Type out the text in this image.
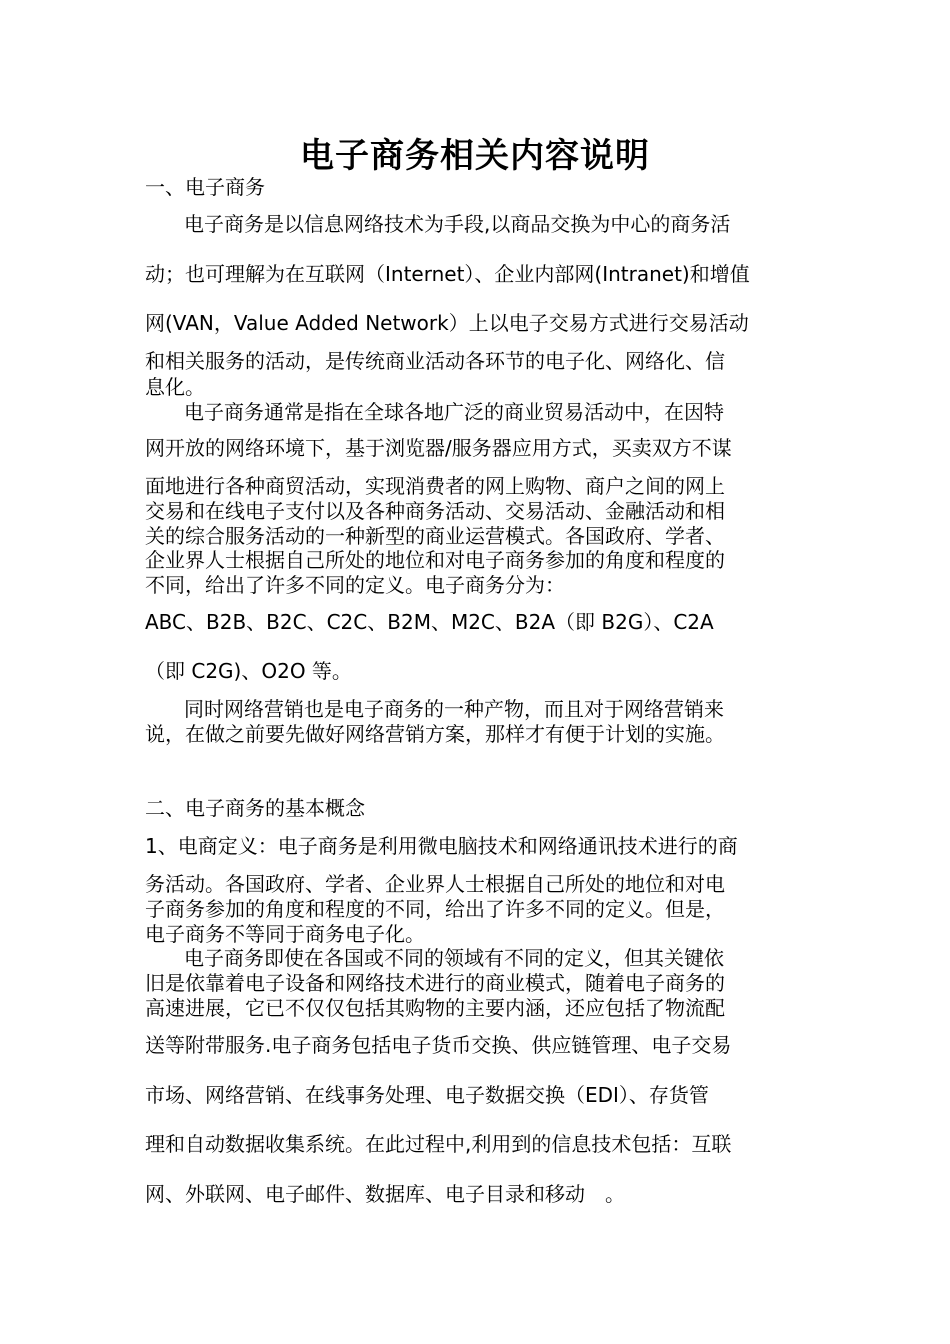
电子商务相关内容说明
一、电子商务
电子商务是以信息网络技术为手段,以商品交换为中心的商务活
动；也可理解为在互联网（Internet）、企业内部网(Intranet)和增值
网(VAN，Value Added Network）上以电子交易方式进行交易活动
和相关服务的活动，是传统商业活动各环节的电子化、网络化、信
息化。
电子商务通常是指在全球各地广泛的商业贸易活动中，在因特
网开放的网络环境下，基于浏览器/服务器应用方式，买卖双方不谋
面地进行各种商贸活动，实现消费者的网上购物、商户之间的网上
交易和在线电子支付以及各种商务活动、交易活动、金融活动和相
关的综合服务活动的一种新型的商业运营模式。各国政府、学者、
企业界人士根据自己所处的地位和对电子商务参加的角度和程度的
不同，给出了许多不同的定义。电子商务分为：
ABC、B2B、B2C、C2C、B2M、M2C、B2A（即 B2G）、C2A
（即 C2G)、O2O 等。
同时网络营销也是电子商务的一种产物，而且对于网络营销来
说，在做之前要先做好网络营销方案，那样才有便于计划的实施。
二、电子商务的基本概念
1、电商定义：电子商务是利用微电脑技术和网络通讯技术进行的商
务活动。各国政府、学者、企业界人士根据自己所处的地位和对电
子商务参加的角度和程度的不同，给出了许多不同的定义。但是，
电子商务不等同于商务电子化。
电子商务即使在各国或不同的领域有不同的定义，但其关键依
旧是依靠着电子设备和网络技术进行的商业模式，随着电子商务的
高速进展，它已不仅仅包括其购物的主要内涵，还应包括了物流配
送等附带服务.电子商务包括电子货币交换、供应链管理、电子交易
市场、网络营销、在线事务处理、电子数据交换（EDI）、存货管
理和自动数据收集系统。在此过程中,利用到的信息技术包括：互联
网、外联网、电子邮件、数据库、电子目录和移动　。
